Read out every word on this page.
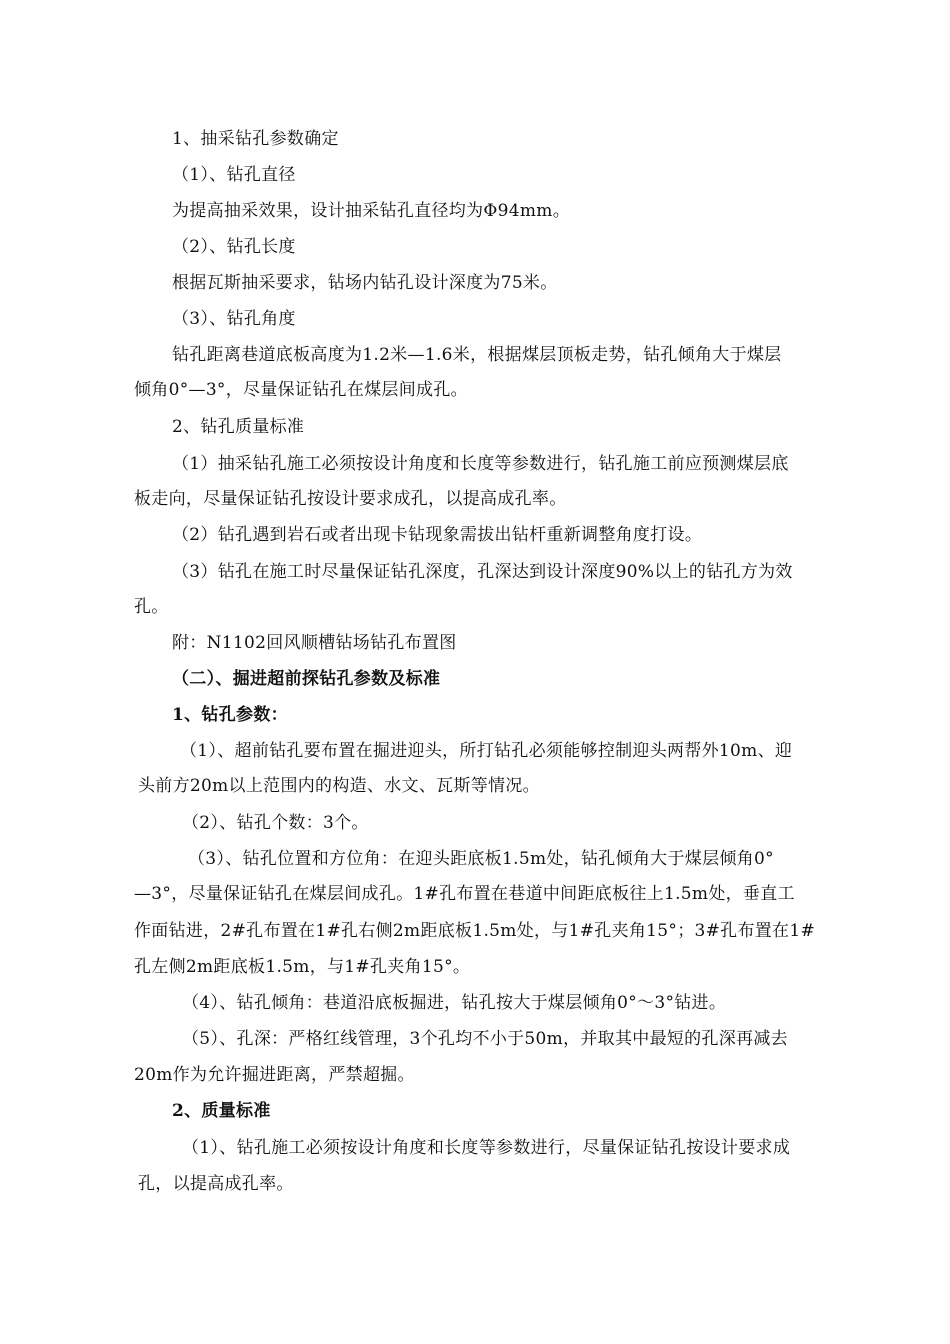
1、抽采钻孔参数确定
（1）、钻孔直径
为提高抽采效果，设计抽采钻孔直径均为Φ94mm。
（2）、钻孔长度
根据瓦斯抽采要求，钻场内钻孔设计深度为75米。
（3）、钻孔角度
钻孔距离巷道底板高度为1.2米—1.6米，根据煤层顶板走势，钻孔倾角大于煤层
倾角0°—3°，尽量保证钻孔在煤层间成孔。
2、钻孔质量标准
（1）抽采钻孔施工必须按设计角度和长度等参数进行，钻孔施工前应预测煤层底
板走向，尽量保证钻孔按设计要求成孔，以提高成孔率。
（2）钻孔遇到岩石或者出现卡钻现象需拔出钻杆重新调整角度打设。
（3）钻孔在施工时尽量保证钻孔深度，孔深达到设计深度90%以上的钻孔方为效
孔。
附：N1102回风顺槽钻场钻孔布置图
（二）、掘进超前探钻孔参数及标准
1、钻孔参数：
（1）、超前钻孔要布置在掘进迎头，所打钻孔必须能够控制迎头两帮外10m、迎
头前方20m以上范围内的构造、水文、瓦斯等情况。
（2）、钻孔个数：3个。
（3）、钻孔位置和方位角：在迎头距底板1.5m处，钻孔倾角大于煤层倾角0°
—3°，尽量保证钻孔在煤层间成孔。1#孔布置在巷道中间距底板往上1.5m处，垂直工
作面钻进，2#孔布置在1#孔右侧2m距底板1.5m处，与1#孔夹角15°；3#孔布置在1#
孔左侧2m距底板1.5m，与1#孔夹角15°。
（4）、钻孔倾角：巷道沿底板掘进，钻孔按大于煤层倾角0°～3°钻进。
（5）、孔深：严格红线管理，3个孔均不小于50m，并取其中最短的孔深再减去
20m作为允许掘进距离，严禁超掘。
2、质量标准
（1）、钻孔施工必须按设计角度和长度等参数进行，尽量保证钻孔按设计要求成
孔，以提高成孔率。
